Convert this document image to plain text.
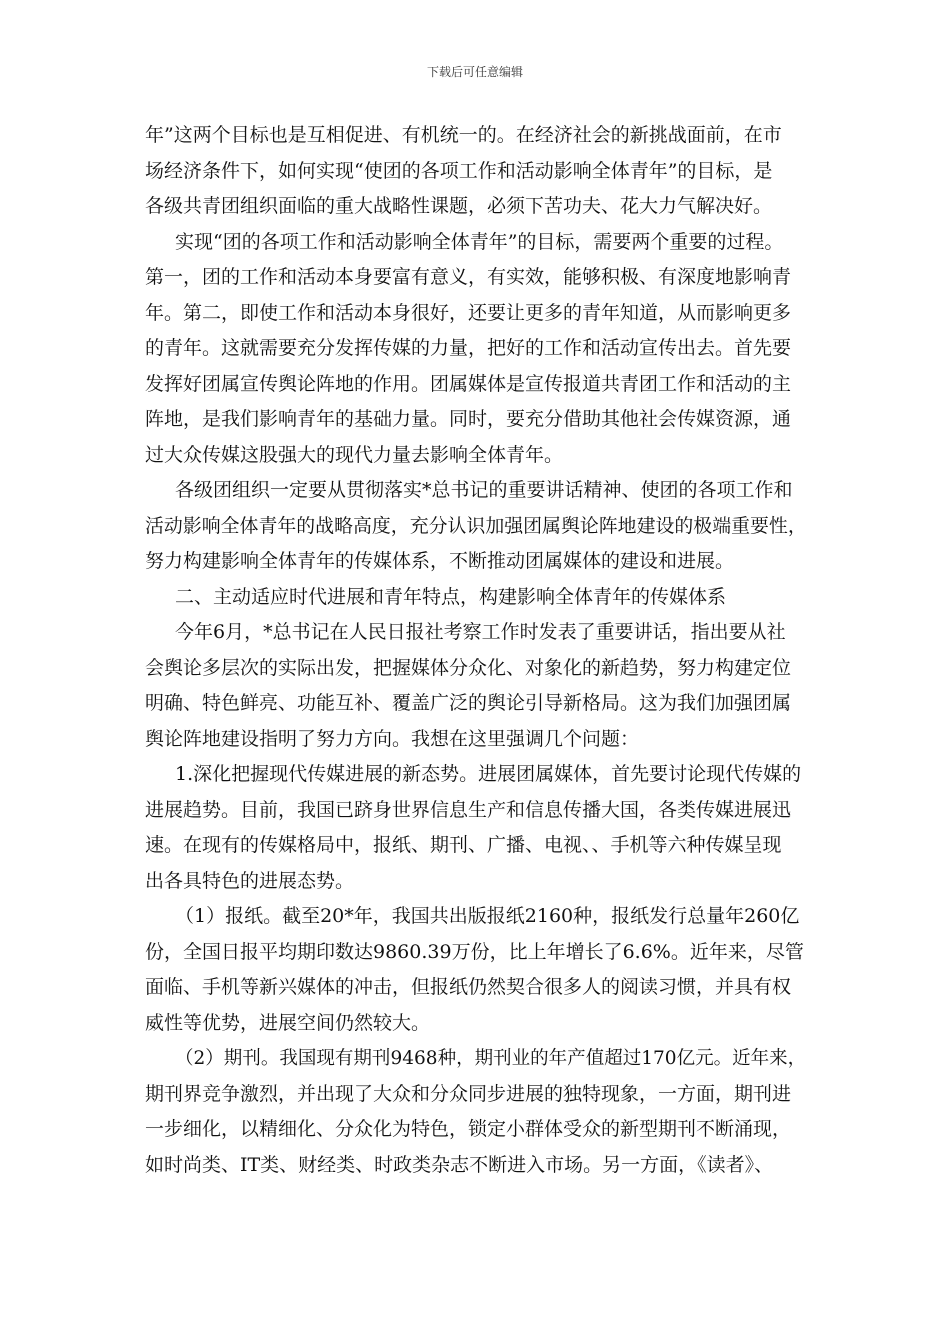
下载后可任意编辑
年”这两个目标也是互相促进、有机统一的。在经济社会的新挑战面前，在市
场经济条件下，如何实现“使团的各项工作和活动影响全体青年”的目标，是
各级共青团组织面临的重大战略性课题，必须下苦功夫、花大力气解决好。
实现“团的各项工作和活动影响全体青年”的目标，需要两个重要的过程。
第一，团的工作和活动本身要富有意义，有实效，能够积极、有深度地影响青
年。第二，即使工作和活动本身很好，还要让更多的青年知道，从而影响更多
的青年。这就需要充分发挥传媒的力量，把好的工作和活动宣传出去。首先要
发挥好团属宣传舆论阵地的作用。团属媒体是宣传报道共青团工作和活动的主
阵地，是我们影响青年的基础力量。同时，要充分借助其他社会传媒资源，通
过大众传媒这股强大的现代力量去影响全体青年。
各级团组织一定要从贯彻落实*总书记的重要讲话精神、使团的各项工作和
活动影响全体青年的战略高度，充分认识加强团属舆论阵地建设的极端重要性，
努力构建影响全体青年的传媒体系，不断推动团属媒体的建设和进展。
二、主动适应时代进展和青年特点，构建影响全体青年的传媒体系
今年6月，*总书记在人民日报社考察工作时发表了重要讲话，指出要从社
会舆论多层次的实际出发，把握媒体分众化、对象化的新趋势，努力构建定位
明确、特色鲜亮、功能互补、覆盖广泛的舆论引导新格局。这为我们加强团属
舆论阵地建设指明了努力方向。我想在这里强调几个问题：
1.深化把握现代传媒进展的新态势。进展团属媒体，首先要讨论现代传媒的
进展趋势。目前，我国已跻身世界信息生产和信息传播大国，各类传媒进展迅
速。在现有的传媒格局中，报纸、期刊、广播、电视、、手机等六种传媒呈现
出各具特色的进展态势。
（1）报纸。截至20*年，我国共出版报纸2160种，报纸发行总量年260亿
份，全国日报平均期印数达9860.39万份，比上年增长了6.6%。近年来，尽管
面临、手机等新兴媒体的冲击，但报纸仍然契合很多人的阅读习惯，并具有权
威性等优势，进展空间仍然较大。
（2）期刊。我国现有期刊9468种，期刊业的年产值超过170亿元。近年来，
期刊界竞争激烈，并出现了大众和分众同步进展的独特现象，一方面，期刊进
一步细化，以精细化、分众化为特色，锁定小群体受众的新型期刊不断涌现，
如时尚类、IT类、财经类、时政类杂志不断进入市场。另一方面，《读者》、
